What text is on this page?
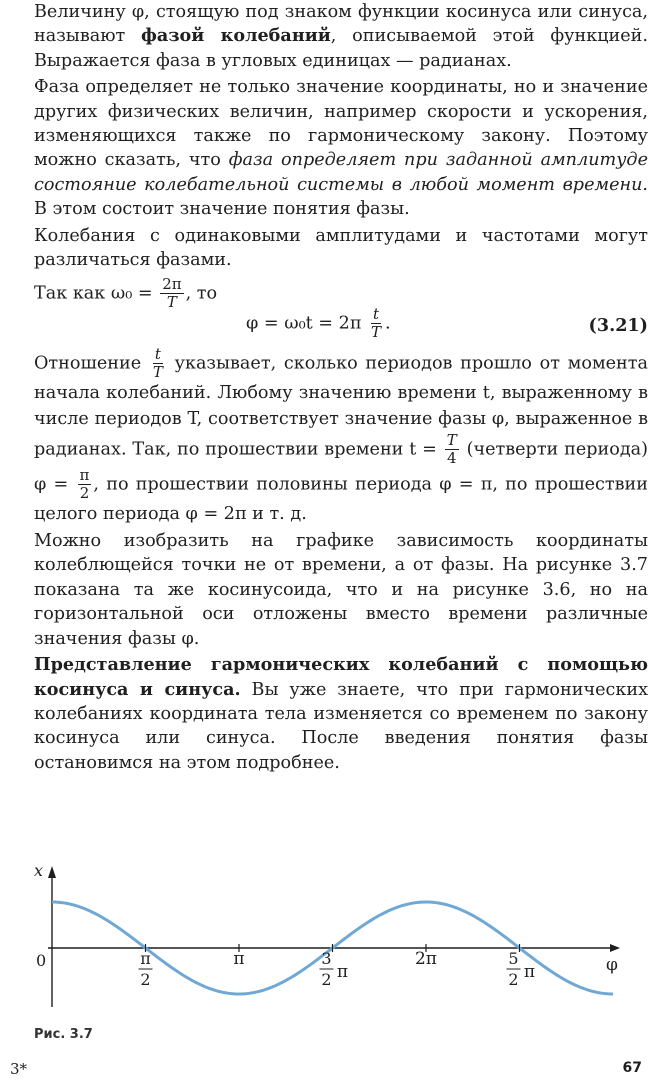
Величину φ, стоящую под знаком функции косинуса или синуса, называют фазой колебаний, описываемой этой функцией. Выражается фаза в угловых единицах — радианах.

Фаза определяет не только значение координаты, но и значение других физических величин, например скорости и ускорения, изменяющихся также по гармоническому закону. Поэтому можно сказать, что фаза определяет при заданной амплитуде состояние колебательной системы в любой момент времени. В этом состоит значение понятия фазы.

Колебания с одинаковыми амплитудами и частотами могут различаться фазами.

Так как $\omega_0 = \frac{2\pi}{T}$ , то
$\varphi = \omega_0t = 2\pi \frac{t}{T}$ .	(3.21)

Отношение $\frac{t}{T}$ указывает, сколько периодов прошло от момента начала колебаний. Любому значению времени t, выраженному в числе периодов T, соответствует значение фазы φ, выраженное в радианах. Так, по прошествии времени $t = \frac{T}{4}$ (четверти периода) $\varphi = \frac{\pi}{2}$ , по прошествии половины периода φ = π, по прошествии целого периода φ = 2π и т. д.

Можно изобразить на графике зависимость координаты колеблющейся точки не от времени, а от фазы. На рисунке 3.7 показана та же косинусоида, что и на рисунке 3.6, но на горизонтальной оси отложены вместо времени различные значения фазы φ.

Представление гармонических колебаний с помощью косинуса и синуса. Вы уже знаете, что при гармонических колебаниях координата тела изменяется со временем по закону косинуса или синуса. После введения понятия фазы остановимся на этом подробнее.

x
φ
0	π
2
π	3
2 π
2π	5
2 π
Рис. 3.7
3*	67
